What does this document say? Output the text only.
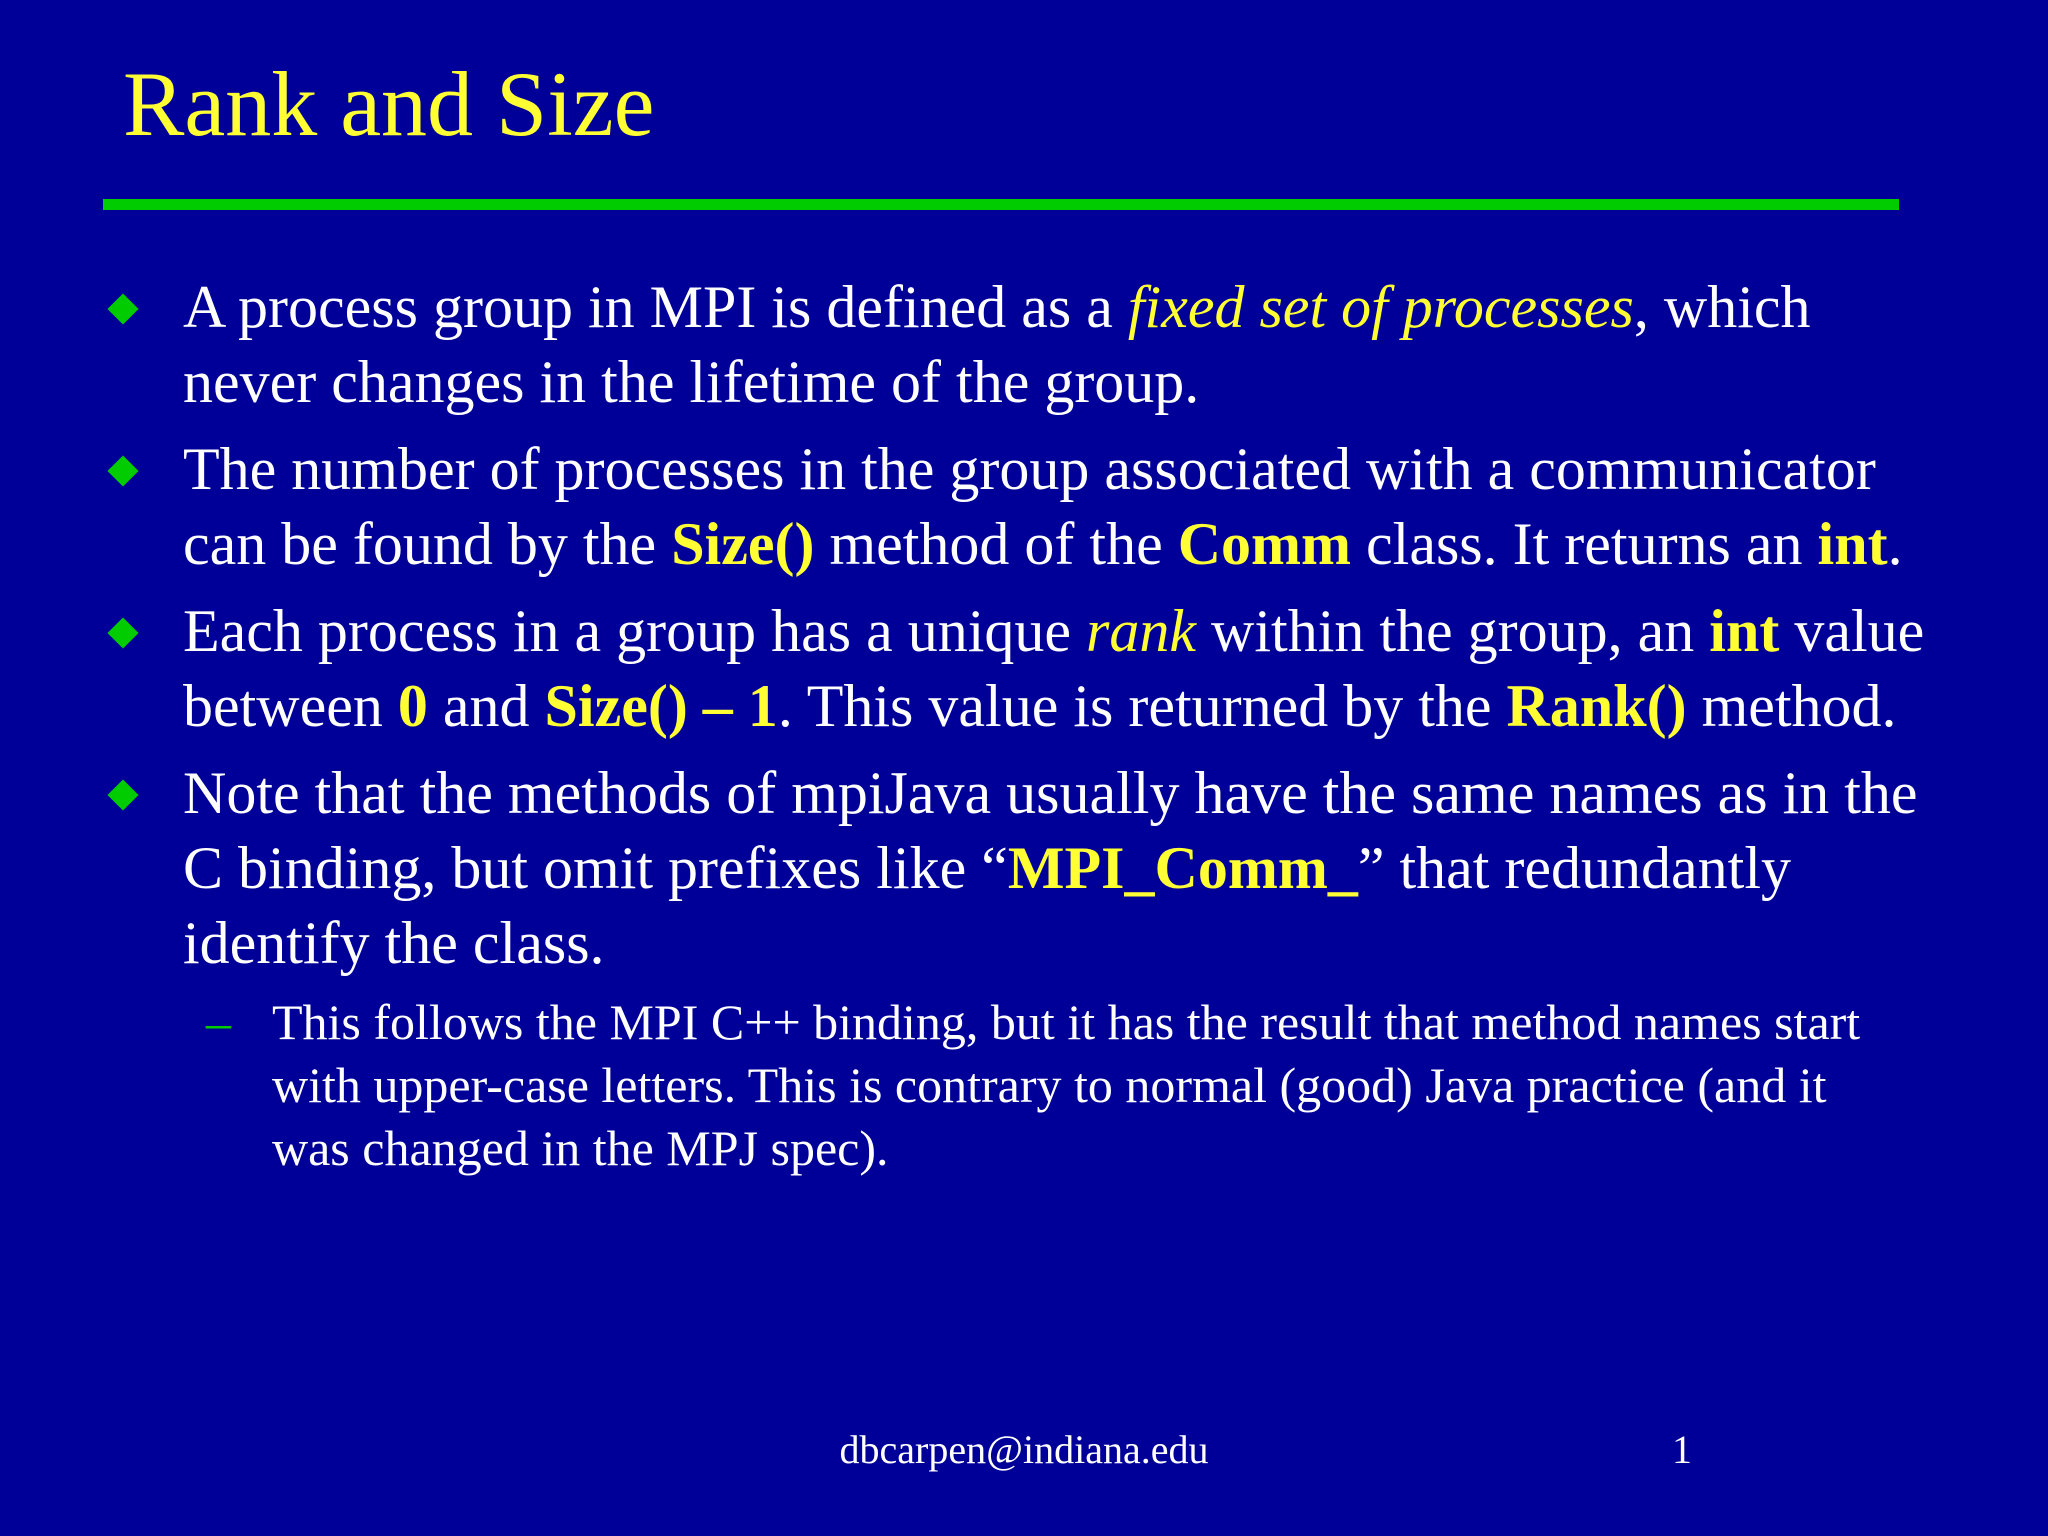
Rank and Size
A process group in MPI is defined as a fixed set of processes, which never changes in the lifetime of the group.
The number of processes in the group associated with a communicator can be found by the Size() method of the Comm class. It returns an int.
Each process in a group has a unique rank within the group, an int value between 0 and Size() – 1. This value is returned by the Rank() method.
Note that the methods of mpiJava usually have the same names as in the C binding, but omit prefixes like “MPI_Comm_” that redundantly identify the class.
– This follows the MPI C++ binding, but it has the result that method names start with upper-case letters. This is contrary to normal (good) Java practice (and it was changed in the MPJ spec).
dbcarpen@indiana.edu	1
